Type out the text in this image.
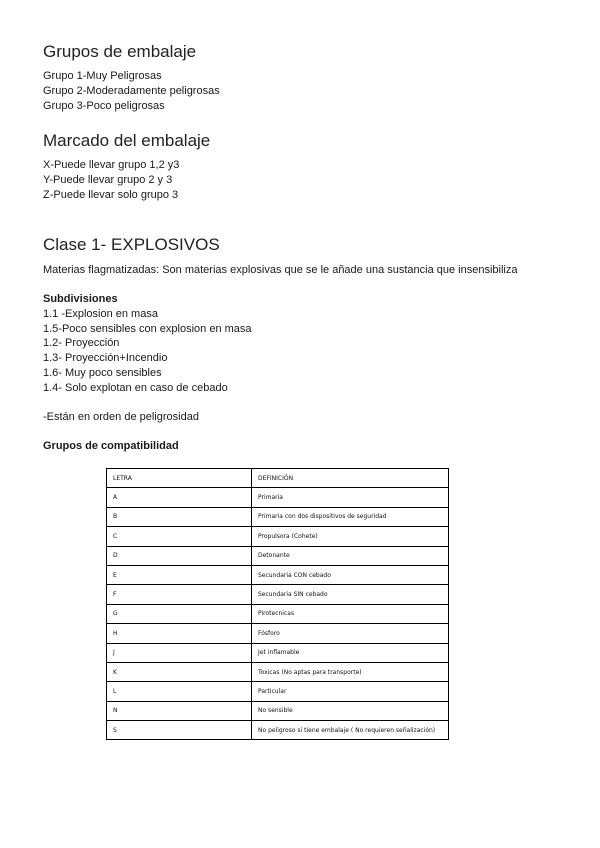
Grupos de embalaje

Grupo 1-Muy Peligrosas

Grupo 2-Moderadamente peligrosas

Grupo 3-Poco peligrosas

Marcado del embalaje

X-Puede llevar grupo 1,2 y3

Y-Puede llevar grupo 2 y 3

Z-Puede llevar solo grupo 3

Clase 1- EXPLOSIVOS

Materias flagmatizadas: Son materias explosivas que se le añade una sustancia que insensibiliza

Subdivisiones

1.1 -Explosion en masa

1.5-Poco sensibles con explosion en masa

1.2- Proyección

1.3- Proyección+Incendio

1.6- Muy poco sensibles

1.4- Solo explotan en caso de cebado

-Están en orden de peligrosidad

Grupos de compatibilidad

LETRA	DEFINICIÓN
A	Primaria
B	Primaria con dos dispositivos de seguridad
C	Propulsora (Cohete)
D	Detonante
E	Secundaria CON cebado
F	Secundaria SIN cebado
G	Pirotecnicas
H	Fósforo
J	Jet inflamable
K	Toxicas (No aptas para transporte)
L	Particular
N	No sensible
S	No peligroso si tiene embalaje ( No requieren señalización)
